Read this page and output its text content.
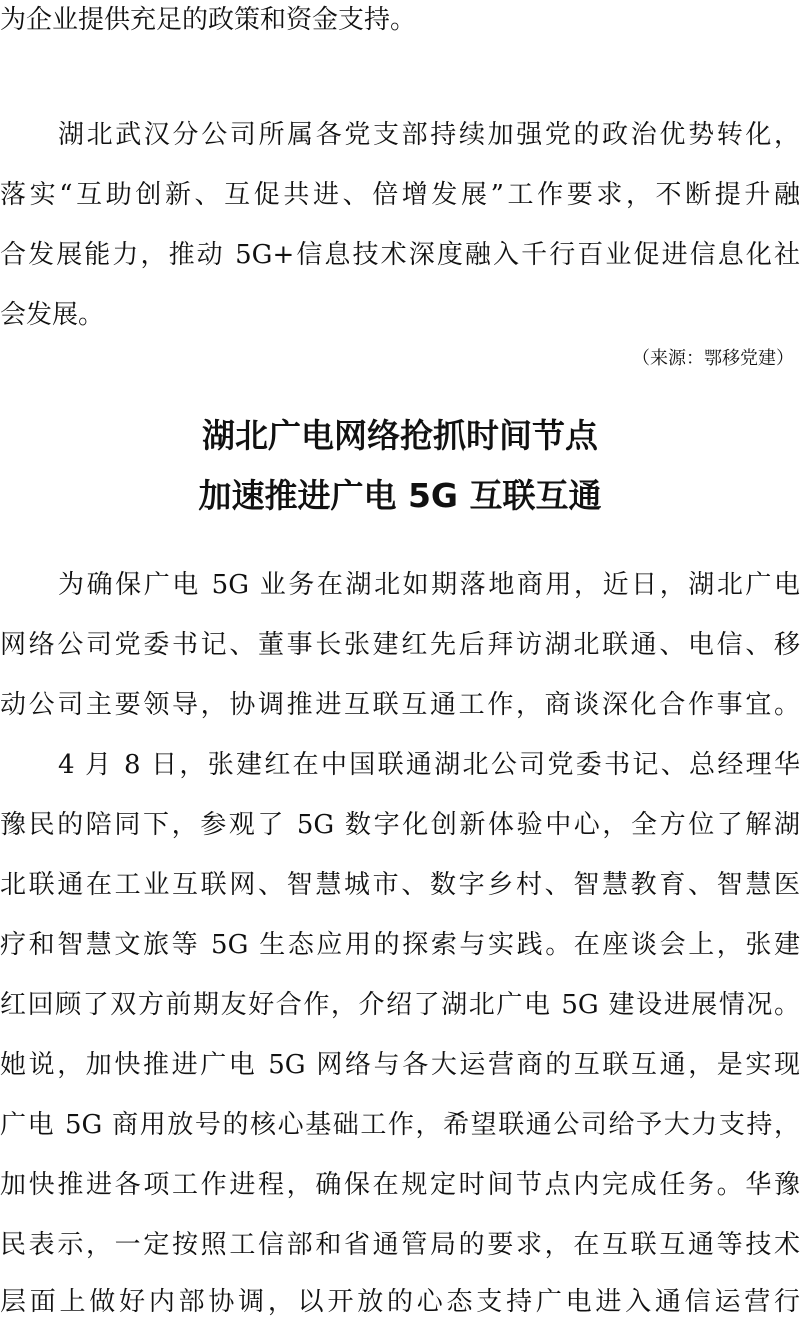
为企业提供充足的政策和资金支持。
湖北武汉分公司所属各党支部持续加强党的政治优势转化，
落实“互助创新、互促共进、倍增发展”工作要求，不断提升融
合发展能力，推动 5G+信息技术深度融入千行百业促进信息化社
会发展。
（来源：鄂移党建）
湖北广电网络抢抓时间节点
加速推进广电 5G 互联互通
为确保广电 5G 业务在湖北如期落地商用，近日，湖北广电
网络公司党委书记、董事长张建红先后拜访湖北联通、电信、移
动公司主要领导，协调推进互联互通工作，商谈深化合作事宜。
4 月 8 日，张建红在中国联通湖北公司党委书记、总经理华
豫民的陪同下，参观了 5G 数字化创新体验中心，全方位了解湖
北联通在工业互联网、智慧城市、数字乡村、智慧教育、智慧医
疗和智慧文旅等 5G 生态应用的探索与实践。在座谈会上，张建
红回顾了双方前期友好合作，介绍了湖北广电 5G 建设进展情况。
她说，加快推进广电 5G 网络与各大运营商的互联互通，是实现
广电 5G 商用放号的核心基础工作，希望联通公司给予大力支持，
加快推进各项工作进程，确保在规定时间节点内完成任务。华豫
民表示，一定按照工信部和省通管局的要求，在互联互通等技术
层面上做好内部协调，以开放的心态支持广电进入通信运营行
